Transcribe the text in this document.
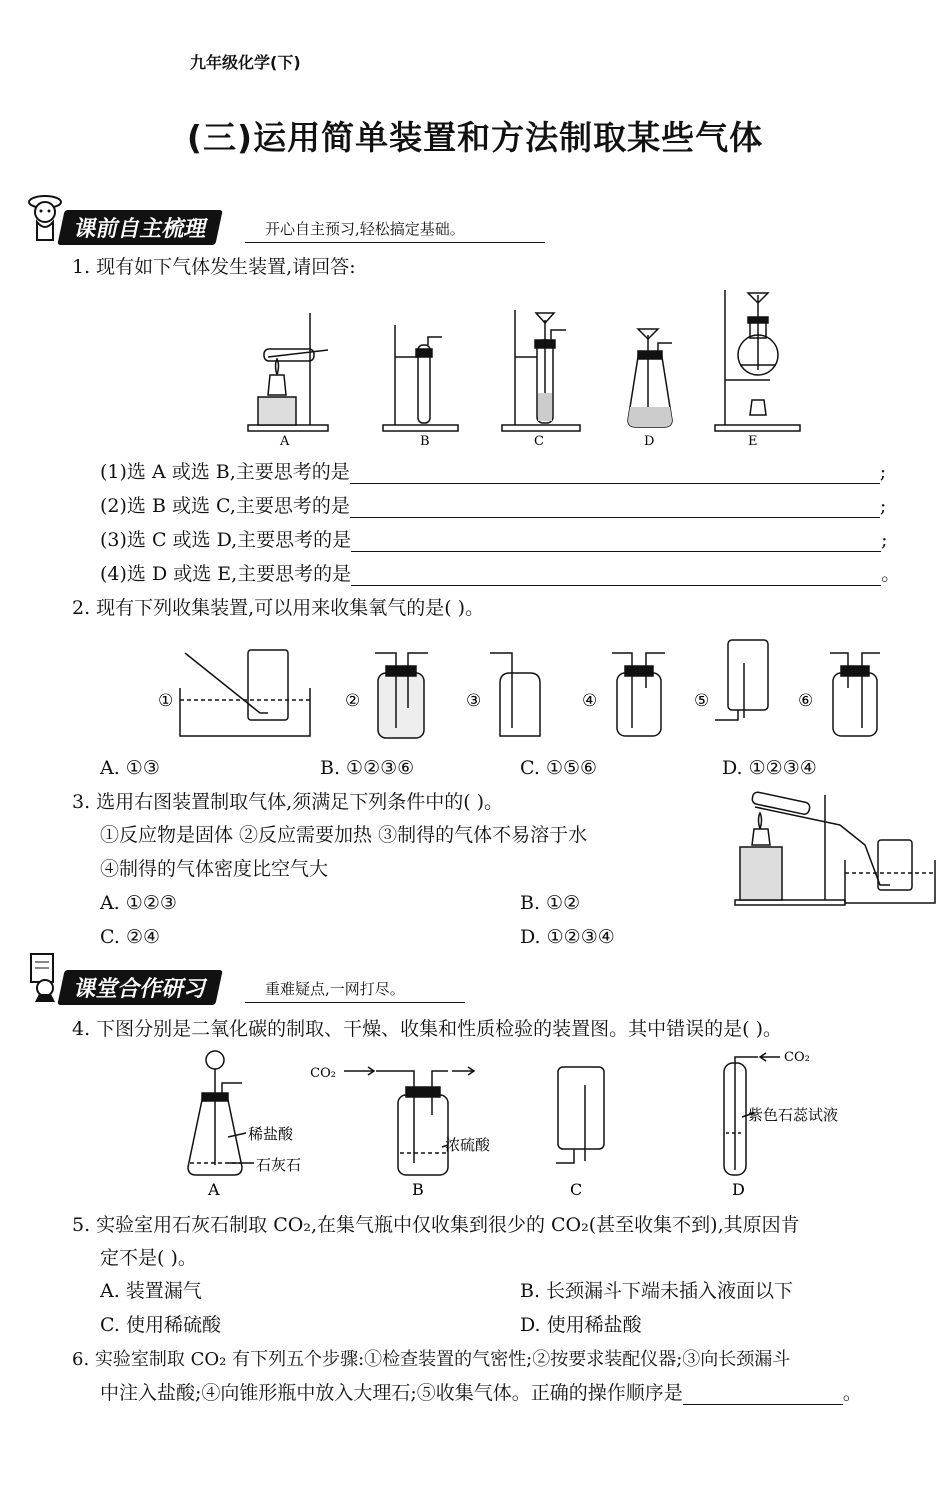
九年级化学(下)
(三)运用简单装置和方法制取某些气体
课前自主梳理	开心自主预习,轻松搞定基础。
1. 现有如下气体发生装置,请回答:
A	B	C	D	E
(1)选 A 或选 B,主要思考的是	;
(2)选 B 或选 C,主要思考的是	;
(3)选 C 或选 D,主要思考的是	;
(4)选 D 或选 E,主要思考的是	。
2. 现有下列收集装置,可以用来收集氧气的是( )。
①	②	③	④	⑤	⑥
A. ①③	B. ①②③⑥	C. ①⑤⑥	D. ①②③④
3. 选用右图装置制取气体,须满足下列条件中的( )。
①反应物是固体 ②反应需要加热 ③制得的气体不易溶于水
④制得的气体密度比空气大
A. ①②③	B. ①②
C. ②④	D. ①②③④
课堂合作研习	重难疑点,一网打尽。
4. 下图分别是二氧化碳的制取、干燥、收集和性质检验的装置图。其中错误的是( )。
A	B	C	D
稀盐酸
石灰石
浓硫酸
紫色石蕊试液
CO₂
CO₂
5. 实验室用石灰石制取 CO₂,在集气瓶中仅收集到很少的 CO₂(甚至收集不到),其原因肯
定不是( )。
A. 装置漏气	B. 长颈漏斗下端未插入液面以下
C. 使用稀硫酸	D. 使用稀盐酸
6. 实验室制取 CO₂ 有下列五个步骤:①检查装置的气密性;②按要求装配仪器;③向长颈漏斗
中注入盐酸;④向锥形瓶中放入大理石;⑤收集气体。正确的操作顺序是	。
